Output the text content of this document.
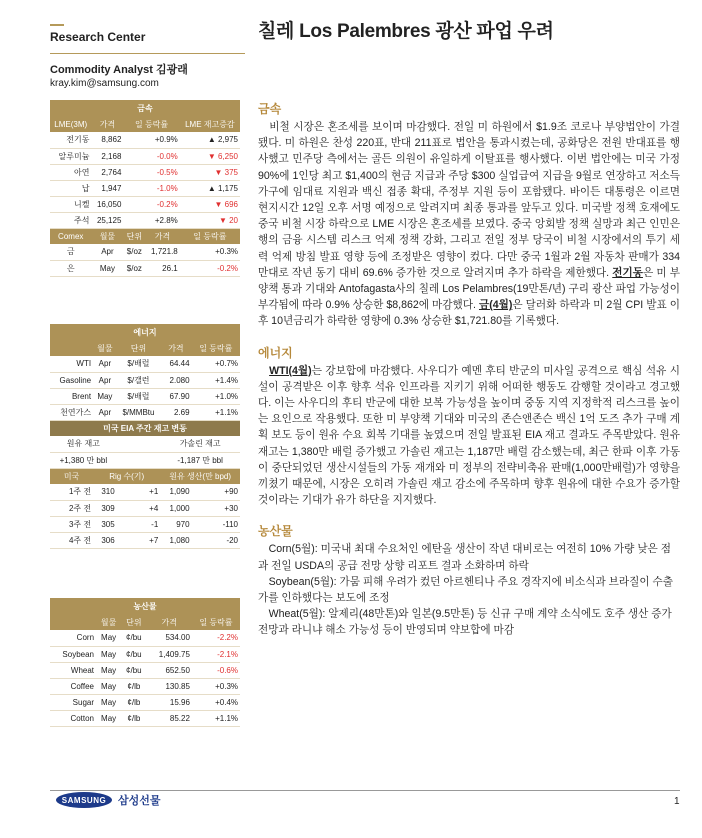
Research Center
Commodity Analyst 김광래
kray.kim@samsung.com
칠레 Los Palembres 광산 파업 우려
금속				
LME(3M)	가격	일 등락률		LME 재고증감
전기동	8,862	+0.9%		▲ 2,975
알루미늄	2,168	-0.0%		▼ 6,250
아연	2,764	-0.5%		▼ 375
납	1,947	-1.0%		▲ 1,175
니켈	16,050	-0.2%		▼ 696
주석	25,125	+2.8%		▼ 20
Comex	월물	단위	가격	일 등락률
금	Apr	$/oz	1,721.8	+0.3%
은	May	$/oz	26.1	-0.2%
에너지				
	월물	단위	가격	일 등락률
WTI	Apr	$/배럴	64.44	+0.7%
Gasoline	Apr	$/갤런	2.080	+1.4%
Brent	May	$/배럴	67.90	+1.0%
천연가스	Apr	$/MMBtu	2.69	+1.1%
미국 EIA 주간 재고 변동				
원유 재고			가솔린 재고	
+1,380 만 bbl			-1,187 만 bbl	
미국	Rig 수(기)		원유 생산(만 bpd)	
1주 전	310	+1	1,090	+90
2주 전	309	+4	1,000	+30
3주 전	305	-1	970	-110
4주 전	306	+7	1,080	-20
농산물				
	월물	단위	가격	일 등락률
Corn	May	¢/bu	534.00	-2.2%
Soybean	May	¢/bu	1,409.75	-2.1%
Wheat	May	¢/bu	652.50	-0.6%
Coffee	May	¢/lb	130.85	+0.3%
Sugar	May	¢/lb	15.96	+0.4%
Cotton	May	¢/lb	85.22	+1.1%
금속

　비철 시장은 혼조세를 보이며 마감했다. 전일 미 하원에서 $1.9조 코로나 부양법안이 가결됐다. 미 하원은 찬성 220표, 반대 211표로 법안을 통과시켰는데, 공화당은 전원 반대표를 행사했고 민주당 측에서는 골든 의원이 유일하게 이탈표를 행사했다. 이번 법안에는 미국 가정 90%에 1인당 최고 $1,400의 현금 지급과 주당 $300 실업급여 지급을 9월로 연장하고 저소득 가구에 임대료 지원과 백신 접종 확대, 주정부 지원 등이 포함됐다. 바이든 대통령은 이르면 현지시간 12일 오후 서명 예정으로 알려지며 최종 통과를 앞두고 있다. 미국발 정책 호재에도 중국 비철 시장 하락으로 LME 시장은 혼조세를 보였다. 중국 앙회발 정책 실망과 최근 인민은행의 금융 시스템 리스크 억제 정책 강화, 그리고 전일 정부 당국이 비철 시장에서의 투기 세력 억제 방침 발표 영향 등에 조정받은 영향이 컸다. 다만 중국 1월과 2월 자동차 판매가 334만대로 작년 동기 대비 69.6% 증가한 것으로 알려지며 추가 하락을 제한했다. 전기동은 미 부양책 통과 기대와 Antofagasta사의 칠레 Los Pelambres(19만톤/년) 구리 광산 파업 가능성이 부각됨에 따라 0.9% 상승한 $8,862에 마감했다. 금(4월)은 달러화 하락과 미 2월 CPI 발표 이후 10년금리가 하락한 영향에 0.3% 상승한 $1,721.80를 기록했다.

에너지

　WTI(4월)는 강보합에 마감했다. 사우디가 예멘 후티 반군의 미사일 공격으로 핵심 석유 시설이 공격받은 이후 향후 석유 인프라를 지키기 위해 어떠한 행동도 감행할 것이라고 경고했다. 이는 사우디의 후티 반군에 대한 보복 가능성을 높이며 중동 지역 지정학적 리스크를 높이는 요인으로 작용했다. 또한 미 부양책 기대와 미국의 존슨앤존슨 백신 1억 도즈 추가 구매 계획 보도 등이 원유 수요 회복 기대를 높였으며 전일 발표된 EIA 재고 결과도 주목받았다. 원유 재고는 1,380만 배럴 증가했고 가솔린 재고는 1,187만 배럴 감소했는데, 최근 한파 이후 가동이 중단되었던 생산시설들의 가동 재개와 미 정부의 전략비축유 판매(1,000만배럴)가 영향을 끼쳤기 때문에, 시장은 오히려 가솔린 재고 감소에 주목하며 향후 원유에 대한 수요가 증가할 것이라는 기대가 유가 하단을 지지했다.

농산물

　Corn(5월): 미국내 최대 수요처인 에탄올 생산이 작년 대비로는 여전히 10% 가량 낮은 점과 전일 USDA의 공급 전망 상향 리포트 결과 소화하며 하락

　Soybean(5월): 가뭄 피해 우려가 컸던 아르헨티나 주요 경작지에 비소식과 브라질이 수출가를 인하했다는 보도에 조정

　Wheat(5월): 알제리(48만톤)와 일본(9.5만톤) 등 신규 구매 계약 소식에도 호주 생산 증가 전망과 라니냐 해소 가능성 등이 반영되며 약보합에 마감

SAMSUNG	삼성선물	1
